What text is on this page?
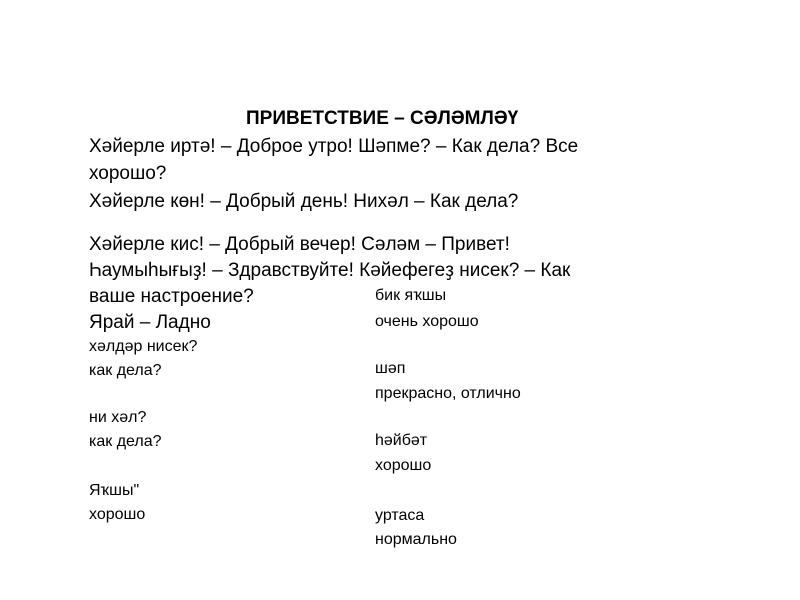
ПРИВЕТСТВИЕ – СӘЛӘМЛӘҮ
Хәйерле иртә! – Доброе утро! Шәпме? – Как дела? Все
хорошо?
Хәйерле көн! – Добрый день! Нихәл – Как дела?
Хәйерле кис! – Добрый вечер! Сәләм – Привет!
Һаумыһығыҙ! – Здравствуйте! Кәйефегеҙ нисек? – Как
ваше настроение?
Ярай – Ладно
хәлдәр нисек?
как дела?
ни хәл?
как дела?
Яҡшы"
хорошо
бик яҡшы
очень хорошо
шәп
прекрасно, отлично
һәйбәт
хорошо
уртаса
нормально
